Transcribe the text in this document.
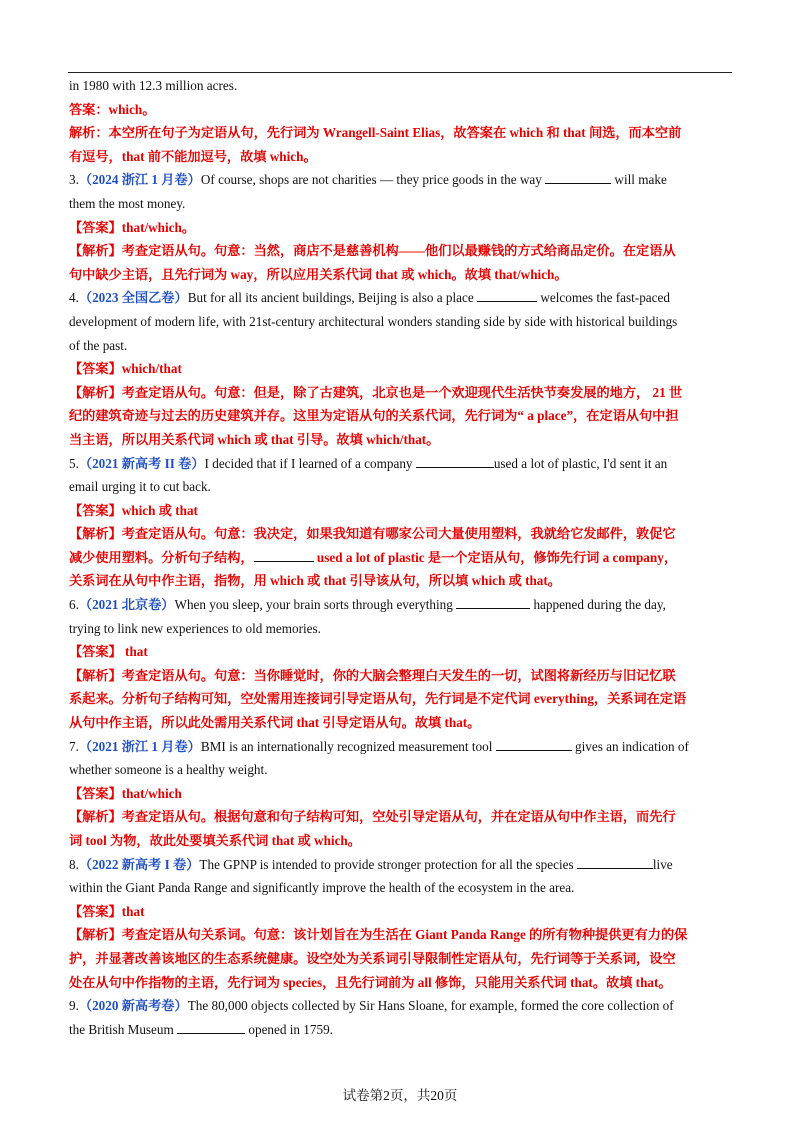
in 1980 with 12.3 million acres.

答案：which。

解析：本空所在句子为定语从句，先行词为 Wrangell-Saint Elias，故答案在 which 和 that 间选，而本空前

有逗号，that 前不能加逗号，故填 which。

3.（2024 浙江 1 月卷）Of course, shops are not charities — they price goods in the way	will make

them the most money.

【答案】that/which。

【解析】考查定语从句。句意：当然，商店不是慈善机构——他们以最赚钱的方式给商品定价。在定语从

句中缺少主语，且先行词为 way，所以应用关系代词 that 或 which。故填 that/which。

4.（2023 全国乙卷）But for all its ancient buildings, Beijing is also a place	welcomes the fast-paced

development of modern life, with 21st-century architectural wonders standing side by side with historical buildings

of the past.

【答案】which/that

【解析】考查定语从句。句意：但是，除了古建筑，北京也是一个欢迎现代生活快节奏发展的地方， 21 世

纪的建筑奇迹与过去的历史建筑并存。这里为定语从句的关系代词，先行词为“ a place”，在定语从句中担

当主语，所以用关系代词 which 或 that 引导。故填 which/that。

5.（2021 新高考 II 卷）I decided that if I learned of a company	used a lot of plastic, I'd sent it an

email urging it to cut back.

【答案】which 或 that

【解析】考查定语从句。句意：我决定，如果我知道有哪家公司大量使用塑料，我就给它发邮件，敦促它

减少使用塑料。分析句子结构，	used a lot of plastic 是一个定语从句，修饰先行词 a company，

关系词在从句中作主语，指物，用 which 或 that 引导该从句，所以填 which 或 that。

6.（2021 北京卷）When you sleep, your brain sorts through everything	happened during the day,

trying to link new experiences to old memories.

【答案】 that

【解析】考查定语从句。句意：当你睡觉时，你的大脑会整理白天发生的一切，试图将新经历与旧记忆联

系起来。分析句子结构可知，空处需用连接词引导定语从句，先行词是不定代词 everything，关系词在定语

从句中作主语，所以此处需用关系代词 that 引导定语从句。故填 that。

7.（2021 浙江 1 月卷）BMI is an internationally recognized measurement tool	gives an indication of

whether someone is a healthy weight.

【答案】that/which

【解析】考查定语从句。根据句意和句子结构可知，空处引导定语从句，并在定语从句中作主语，而先行

词 tool 为物，故此处要填关系代词 that 或 which。

8.（2022 新高考 I 卷）The GPNP is intended to provide stronger protection for all the species	live

within the Giant Panda Range and significantly improve the health of the ecosystem in the area.

【答案】that

【解析】考查定语从句关系词。句意：该计划旨在为生活在 Giant Panda Range 的所有物种提供更有力的保

护，并显著改善该地区的生态系统健康。设空处为关系词引导限制性定语从句，先行词等于关系词，设空

处在从句中作指物的主语，先行词为 species，且先行词前为 all 修饰，只能用关系代词 that。故填 that。

9.（2020 新高考卷）The 80,000 objects collected by Sir Hans Sloane, for example, formed the core collection of

the British Museum	opened in 1759.

试卷第2页，共20页
